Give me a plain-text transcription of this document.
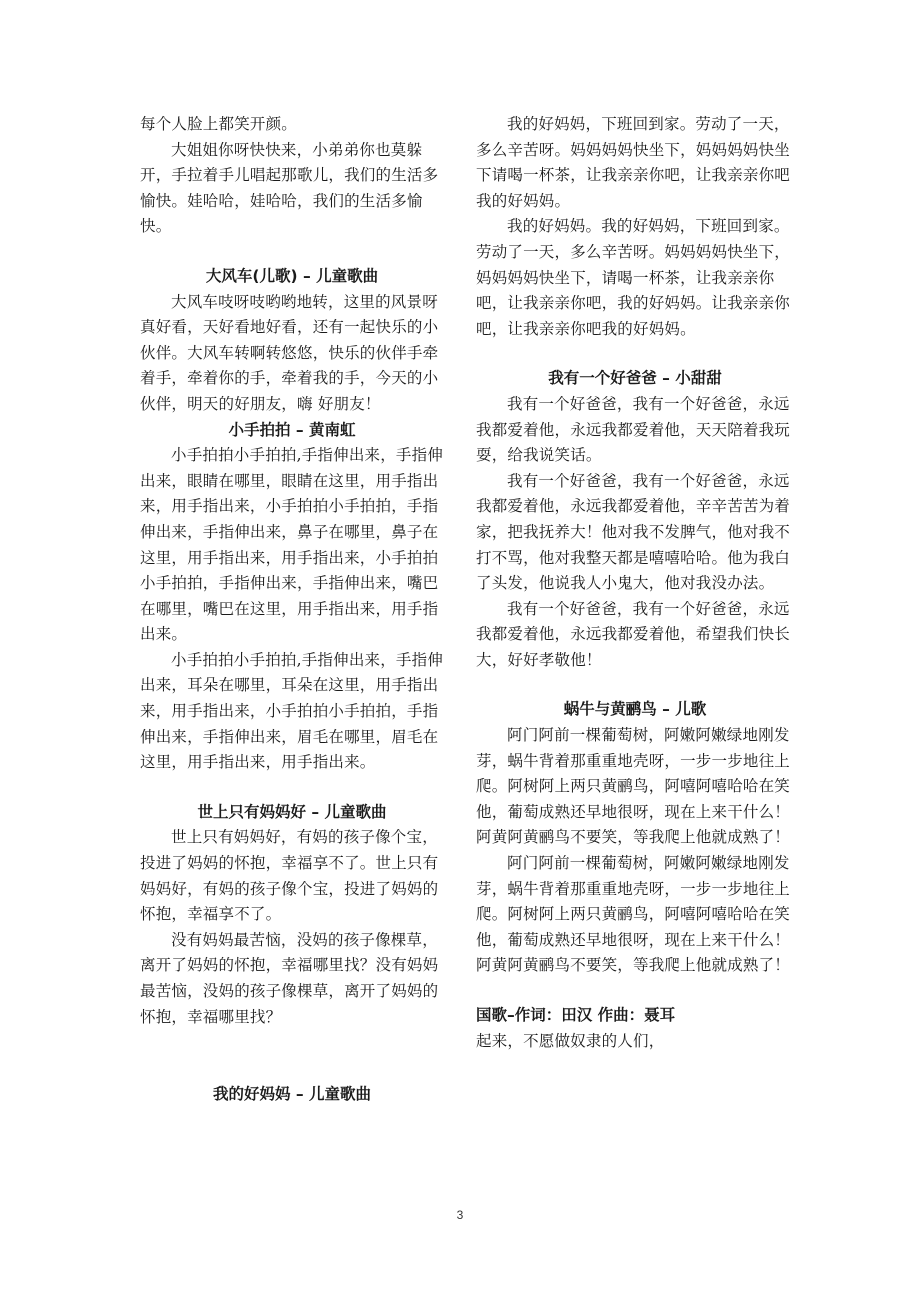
每个人脸上都笑开颜。

大姐姐你呀快快来，小弟弟你也莫躲开，手拉着手儿唱起那歌儿，我们的生活多愉快。娃哈哈，娃哈哈，我们的生活多愉快。

大风车(儿歌) – 儿童歌曲

大风车吱呀吱哟哟地转，这里的风景呀真好看，天好看地好看，还有一起快乐的小伙伴。大风车转啊转悠悠，快乐的伙伴手牵着手，牵着你的手，牵着我的手，今天的小伙伴，明天的好朋友，嗨 好朋友！

小手拍拍 – 黄南虹

小手拍拍小手拍拍,手指伸出来，手指伸出来，眼睛在哪里，眼睛在这里，用手指出来，用手指出来，小手拍拍小手拍拍，手指伸出来，手指伸出来，鼻子在哪里，鼻子在这里，用手指出来，用手指出来，小手拍拍小手拍拍，手指伸出来，手指伸出来，嘴巴在哪里，嘴巴在这里，用手指出来，用手指出来。

小手拍拍小手拍拍,手指伸出来，手指伸出来，耳朵在哪里，耳朵在这里，用手指出来，用手指出来，小手拍拍小手拍拍，手指伸出来，手指伸出来，眉毛在哪里，眉毛在这里，用手指出来，用手指出来。

世上只有妈妈好 – 儿童歌曲

世上只有妈妈好，有妈的孩子像个宝，投进了妈妈的怀抱，幸福享不了。世上只有妈妈好，有妈的孩子像个宝，投进了妈妈的怀抱，幸福享不了。

没有妈妈最苦恼，没妈的孩子像棵草，离开了妈妈的怀抱，幸福哪里找？没有妈妈最苦恼，没妈的孩子像棵草，离开了妈妈的怀抱，幸福哪里找？

我的好妈妈 – 儿童歌曲

我的好妈妈，下班回到家。劳动了一天，多么辛苦呀。妈妈妈妈快坐下，妈妈妈妈快坐下请喝一杯茶，让我亲亲你吧，让我亲亲你吧 我的好妈妈。

我的好妈妈。我的好妈妈，下班回到家。劳动了一天，多么辛苦呀。妈妈妈妈快坐下，妈妈妈妈快坐下，请喝一杯茶，让我亲亲你吧，让我亲亲你吧，我的好妈妈。让我亲亲你吧，让我亲亲你吧我的好妈妈。

我有一个好爸爸 – 小甜甜

我有一个好爸爸，我有一个好爸爸，永远我都爱着他，永远我都爱着他，天天陪着我玩耍，给我说笑话。

我有一个好爸爸，我有一个好爸爸，永远我都爱着他，永远我都爱着他，辛辛苦苦为着家，把我抚养大！他对我不发脾气，他对我不打不骂，他对我整天都是嘻嘻哈哈。他为我白了头发，他说我人小鬼大，他对我没办法。

我有一个好爸爸，我有一个好爸爸，永远我都爱着他，永远我都爱着他，希望我们快长大，好好孝敬他！

蜗牛与黄鹂鸟 – 儿歌

阿门阿前一棵葡萄树，阿嫩阿嫩绿地刚发芽，蜗牛背着那重重地壳呀，一步一步地往上爬。阿树阿上两只黄鹂鸟，阿嘻阿嘻哈哈在笑他，葡萄成熟还早地很呀，现在上来干什么！阿黄阿黄鹂鸟不要笑，等我爬上他就成熟了！

阿门阿前一棵葡萄树，阿嫩阿嫩绿地刚发芽，蜗牛背着那重重地壳呀，一步一步地往上爬。阿树阿上两只黄鹂鸟，阿嘻阿嘻哈哈在笑他，葡萄成熟还早地很呀，现在上来干什么！阿黄阿黄鹂鸟不要笑，等我爬上他就成熟了！

国歌–作词：田汉 作曲：聂耳

起来，不愿做奴隶的人们，

3
